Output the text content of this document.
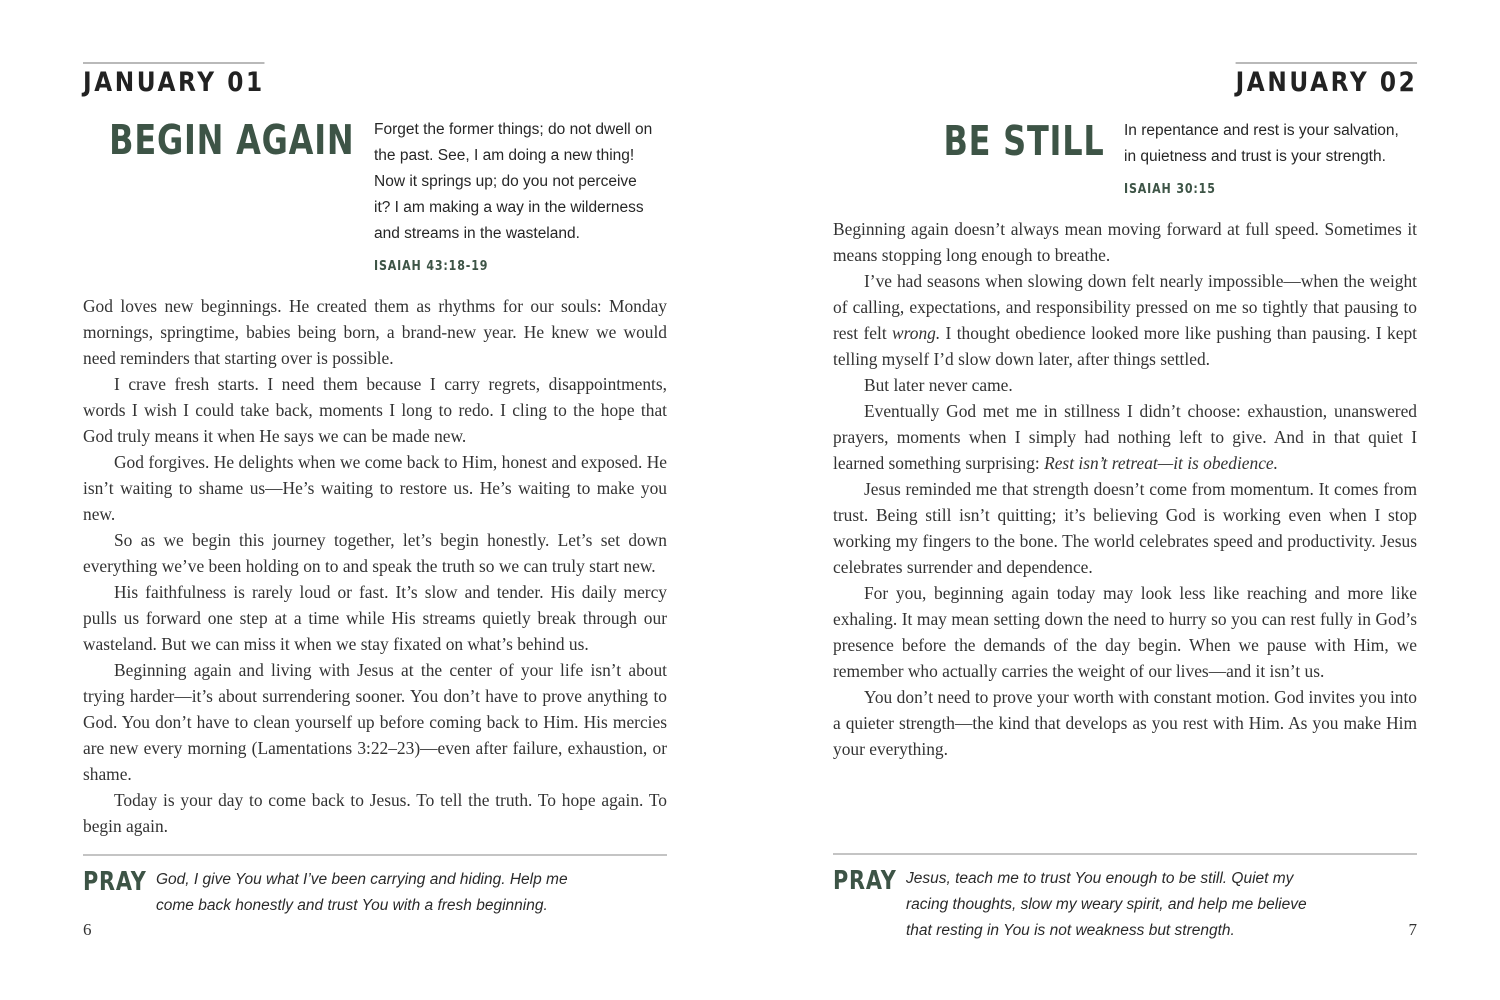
JANUARY 01
BEGIN AGAIN Forget the former things; do not dwell on
the past. See, I am doing a new thing!
Now it springs up; do you not perceive
it? I am making a way in the wilderness
and streams in the wasteland.
ISAIAH 43:18-19

God loves new beginnings. He created them as rhythms for our souls: Monday mornings, springtime, babies being born, a brand-new year. He knew we would need reminders that starting over is possible.

I crave fresh starts. I need them because I carry regrets, disappointments, words I wish I could take back, moments I long to redo. I cling to the hope that God truly means it when He says we can be made new.

God forgives. He delights when we come back to Him, honest and exposed. He isn’t waiting to shame us—He’s waiting to restore us. He’s waiting to make you new.

So as we begin this journey together, let’s begin honestly. Let’s set down everything we’ve been holding on to and speak the truth so we can truly start new.

His faithfulness is rarely loud or fast. It’s slow and tender. His daily mercy pulls us forward one step at a time while His streams quietly break through our wasteland. But we can miss it when we stay fixated on what’s behind us.

Beginning again and living with Jesus at the center of your life isn’t about trying harder—it’s about surrendering sooner. You don’t have to prove anything to God. You don’t have to clean yourself up before coming back to Him. His mercies are new every morning (Lamentations 3:22–23)—even after failure, exhaustion, or shame.

Today is your day to come back to Jesus. To tell the truth. To hope again. To begin again.

PRAY God, I give You what I’ve been carrying and hiding. Help me
come back honestly and trust You with a fresh beginning.
6
JANUARY 02
BE STILL In repentance and rest is your salvation,
in quietness and trust is your strength.
ISAIAH 30:15

Beginning again doesn’t always mean moving forward at full speed. Sometimes it means stopping long enough to breathe.

I’ve had seasons when slowing down felt nearly impossible—when the weight of calling, expectations, and responsibility pressed on me so tightly that pausing to rest felt wrong. I thought obedience looked more like pushing than pausing. I kept telling myself I’d slow down later, after things settled.

But later never came.

Eventually God met me in stillness I didn’t choose: exhaustion, unanswered prayers, moments when I simply had nothing left to give. And in that quiet I learned something surprising: Rest isn’t retreat—it is obedience.

Jesus reminded me that strength doesn’t come from momentum. It comes from trust. Being still isn’t quitting; it’s believing God is working even when I stop working my fingers to the bone. The world celebrates speed and productivity. Jesus celebrates surrender and dependence.

For you, beginning again today may look less like reaching and more like exhaling. It may mean setting down the need to hurry so you can rest fully in God’s presence before the demands of the day begin. When we pause with Him, we remember who actually carries the weight of our lives—and it isn’t us.

You don’t need to prove your worth with constant motion. God invites you into a quieter strength—the kind that develops as you rest with Him. As you make Him your everything.

PRAY Jesus, teach me to trust You enough to be still. Quiet my
racing thoughts, slow my weary spirit, and help me believe
that resting in You is not weakness but strength.	7
